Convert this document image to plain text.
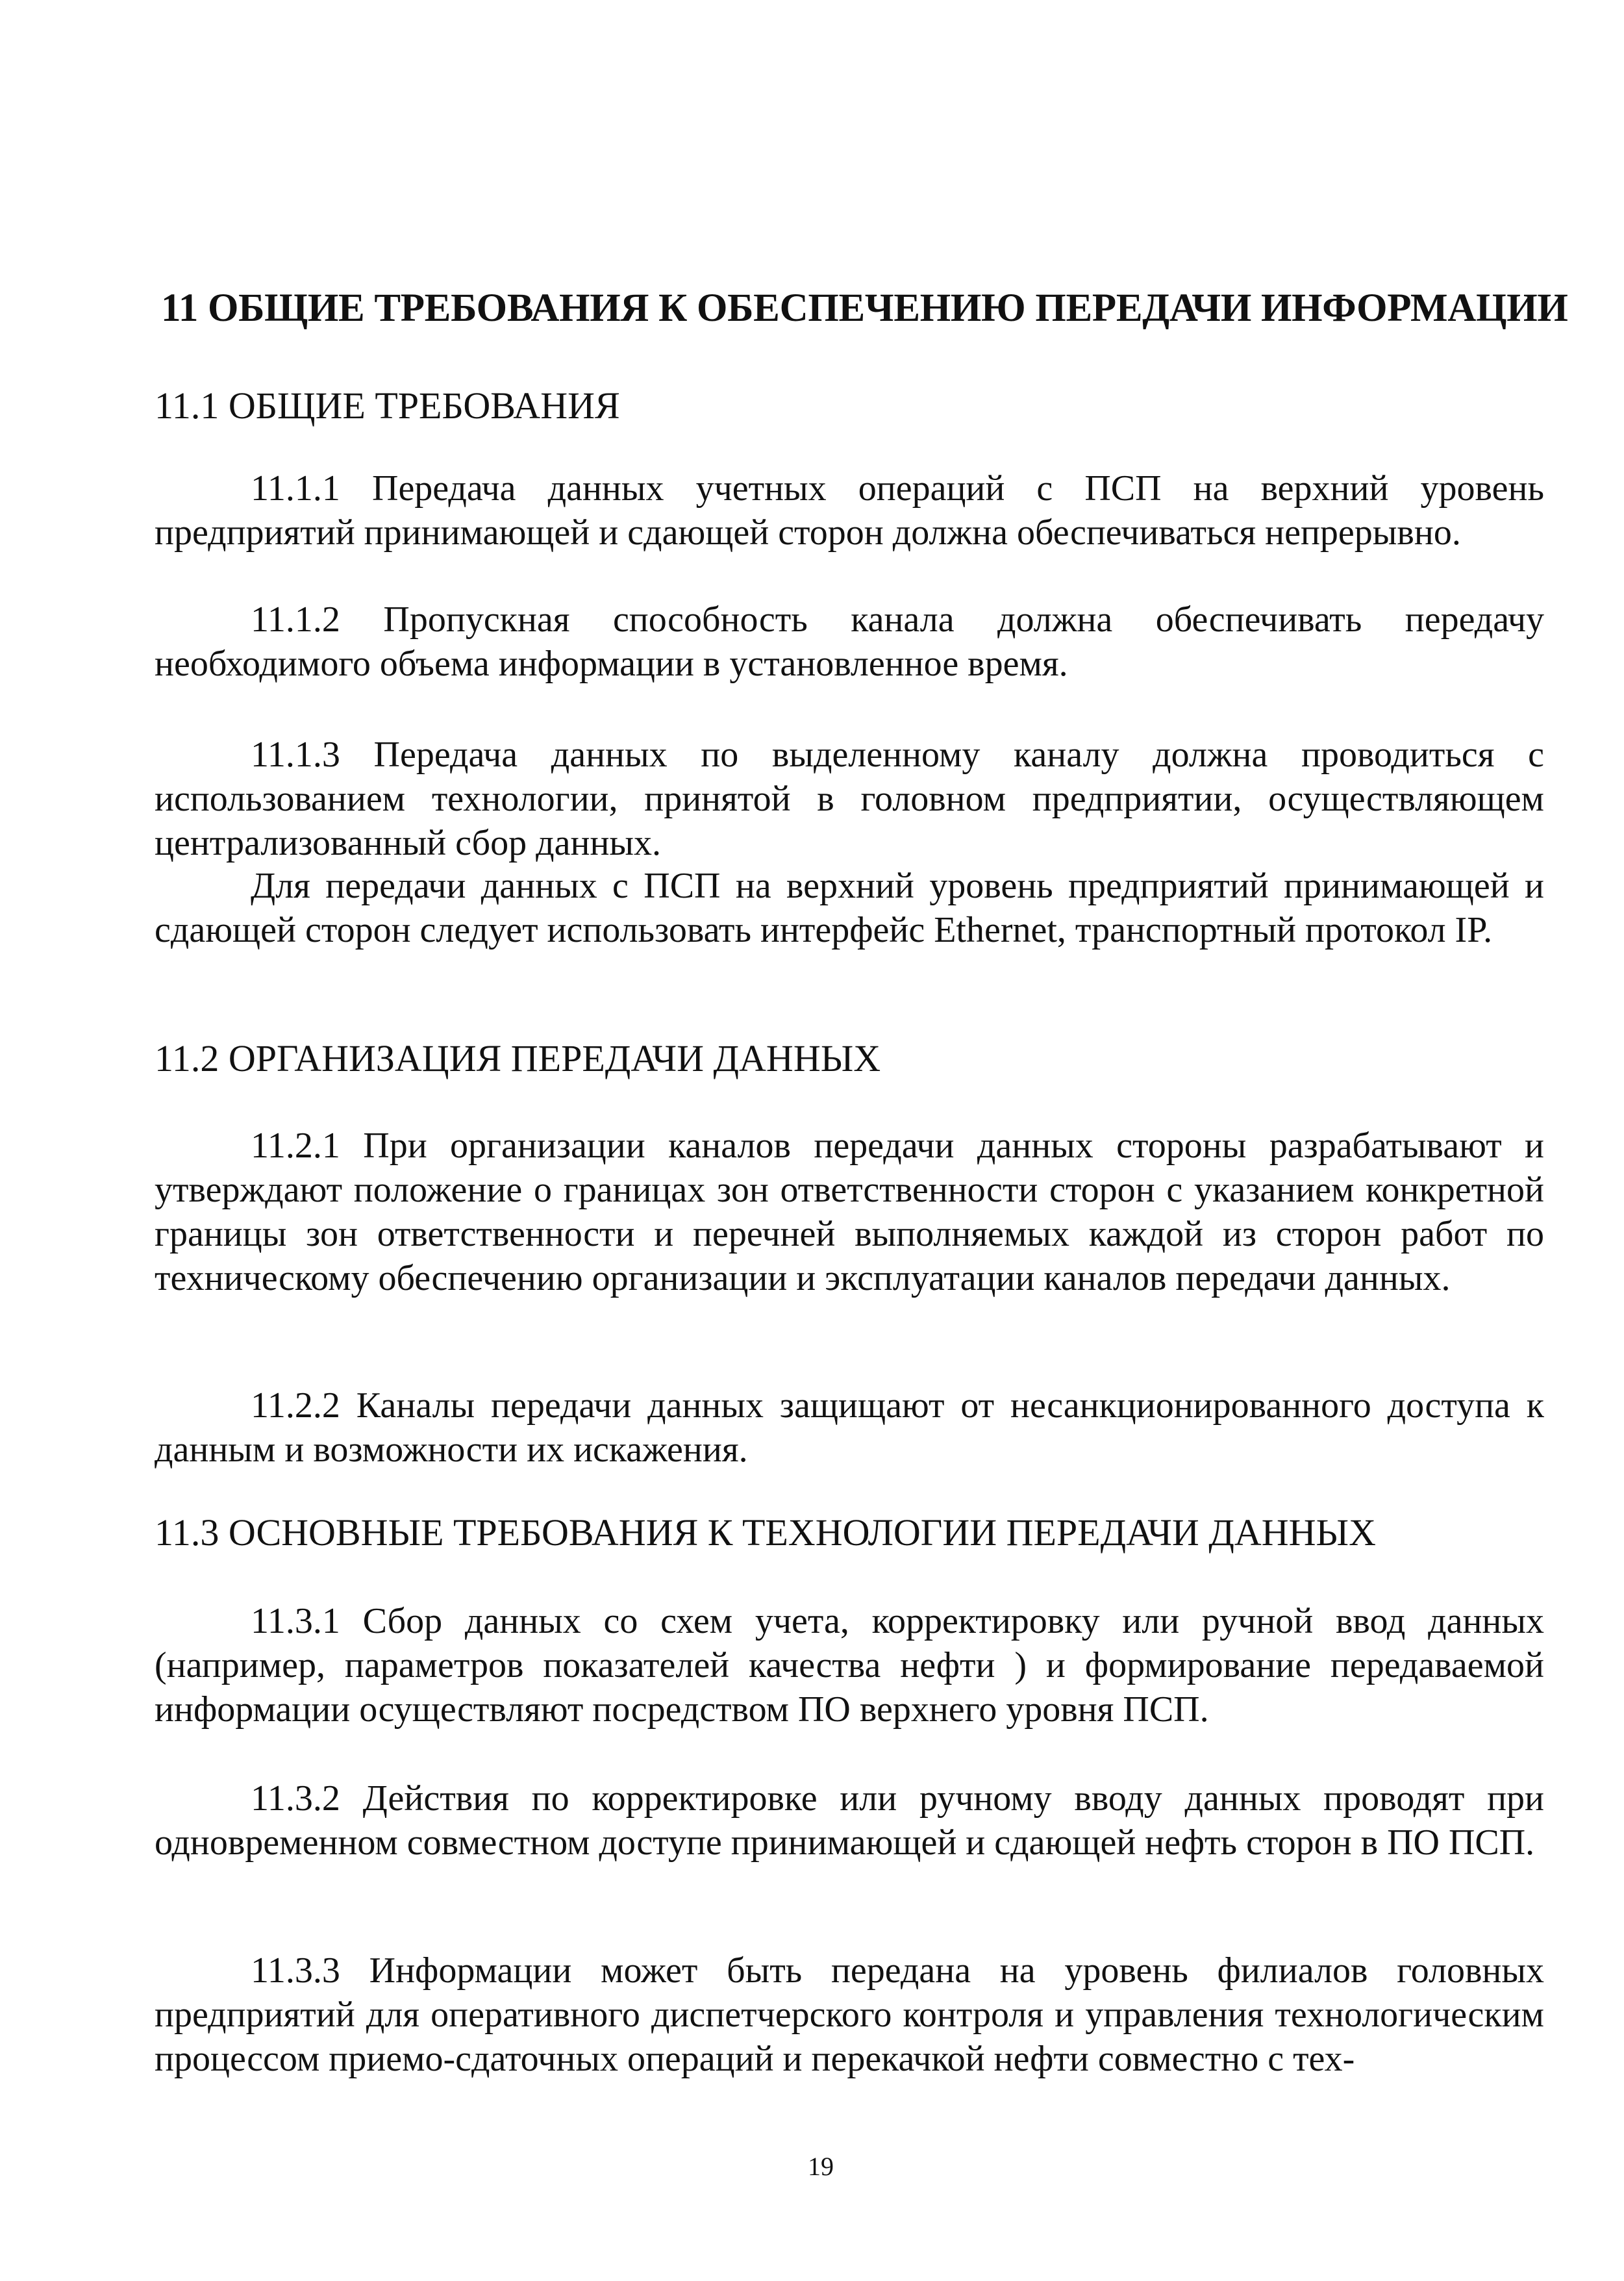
11 ОБЩИЕ ТРЕБОВАНИЯ К ОБЕСПЕЧЕНИЮ ПЕРЕДАЧИ ИНФОРМАЦИИ
11.1 ОБЩИЕ ТРЕБОВАНИЯ

11.1.1 Передача данных учетных операций с ПСП на верхний уровень предприятий принимающей и сдающей сторон должна обеспечиваться непрерывно.

11.1.2 Пропускная способность канала должна обеспечивать передачу необходимого объема информации в установленное время.

11.1.3 Передача данных по выделенному каналу должна проводиться с использованием технологии, принятой в головном предприятии, осуществляющем централизованный сбор данных.

Для передачи данных с ПСП на верхний уровень предприятий принимающей и сдающей сторон следует использовать интерфейс Ethernet, транспортный протокол IP.

11.2 ОРГАНИЗАЦИЯ ПЕРЕДАЧИ ДАННЫХ

11.2.1 При организации каналов передачи данных стороны разрабатывают и утверждают положение о границах зон ответственности сторон с указанием конкретной границы зон ответственности и перечней выполняемых каждой из сторон работ по техническому обеспечению организации и эксплуатации каналов передачи данных.

11.2.2 Каналы передачи данных защищают от несанкционированного доступа к данным и возможности их искажения.

11.3 ОСНОВНЫЕ ТРЕБОВАНИЯ К ТЕХНОЛОГИИ ПЕРЕДАЧИ ДАННЫХ

11.3.1 Сбор данных со схем учета, корректировку или ручной ввод данных (например, параметров показателей качества нефти ) и формирование передаваемой информации осуществляют посредством ПО верхнего уровня ПСП.

11.3.2 Действия по корректировке или ручному вводу данных проводят при одновременном совместном доступе принимающей и сдающей нефть сторон в ПО ПСП.

11.3.3 Информации может быть передана на уровень филиалов головных предприятий для оперативного диспетчерского контроля и управления технологическим процессом приемо-сдаточных операций и перекачкой нефти совместно с тех-

19
